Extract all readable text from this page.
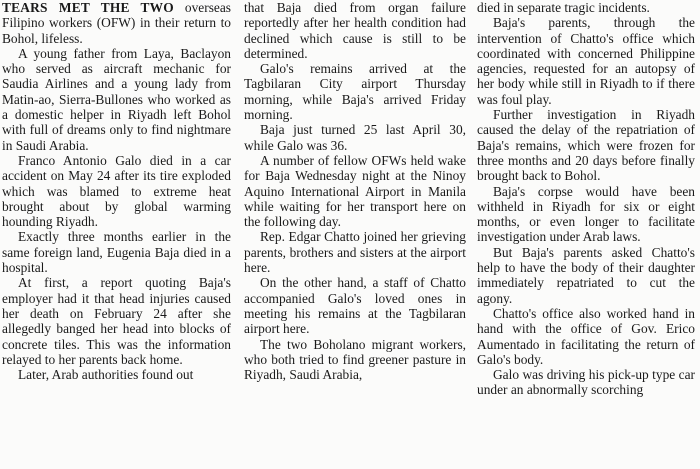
TEARS MET THE TWO overseas Filipino workers (OFW) in their return to Bohol, lifeless.

A young father from Laya, Baclayon who served as aircraft mechanic for Saudia Airlines and a young lady from Matin-ao, Sierra-Bullones who worked as a domestic helper in Riyadh left Bohol with full of dreams only to find nightmare in Saudi Arabia.

Franco Antonio Galo died in a car accident on May 24 after its tire exploded which was blamed to extreme heat brought about by global warming hounding Riyadh.

Exactly three months earlier in the same foreign land, Eugenia Baja died in a hospital.

At first, a report quoting Baja's employer had it that head injuries caused her death on February 24 after she allegedly banged her head into blocks of concrete tiles. This was the information relayed to her parents back home.

Later, Arab authorities found out

that Baja died from organ failure reportedly after her health condition had declined which cause is still to be determined.

Galo's remains arrived at the Tagbilaran City airport Thursday morning, while Baja's arrived Friday morning.

Baja just turned 25 last April 30, while Galo was 36.

A number of fellow OFWs held wake for Baja Wednesday night at the Ninoy Aquino International Airport in Manila while waiting for her transport here on the following day.

Rep. Edgar Chatto joined her grieving parents, brothers and sisters at the airport here.

On the other hand, a staff of Chatto accompanied Galo's loved ones in meeting his remains at the Tagbilaran airport here.

The two Boholano migrant workers, who both tried to find greener pasture in Riyadh, Saudi Arabia,

died in separate tragic incidents.

Baja's parents, through the intervention of Chatto's office which coordinated with concerned Philippine agencies, requested for an autopsy of her body while still in Riyadh to if there was foul play.

Further investigation in Riyadh caused the delay of the repatriation of Baja's remains, which were frozen for three months and 20 days before finally brought back to Bohol.

Baja's corpse would have been withheld in Riyadh for six or eight months, or even longer to facilitate investigation under Arab laws.

But Baja's parents asked Chatto's help to have the body of their daughter immediately repatriated to cut the agony.

Chatto's office also worked hand in hand with the office of Gov. Erico Aumentado in facilitating the return of Galo's body.

Galo was driving his pick-up type car under an abnormally scorching
